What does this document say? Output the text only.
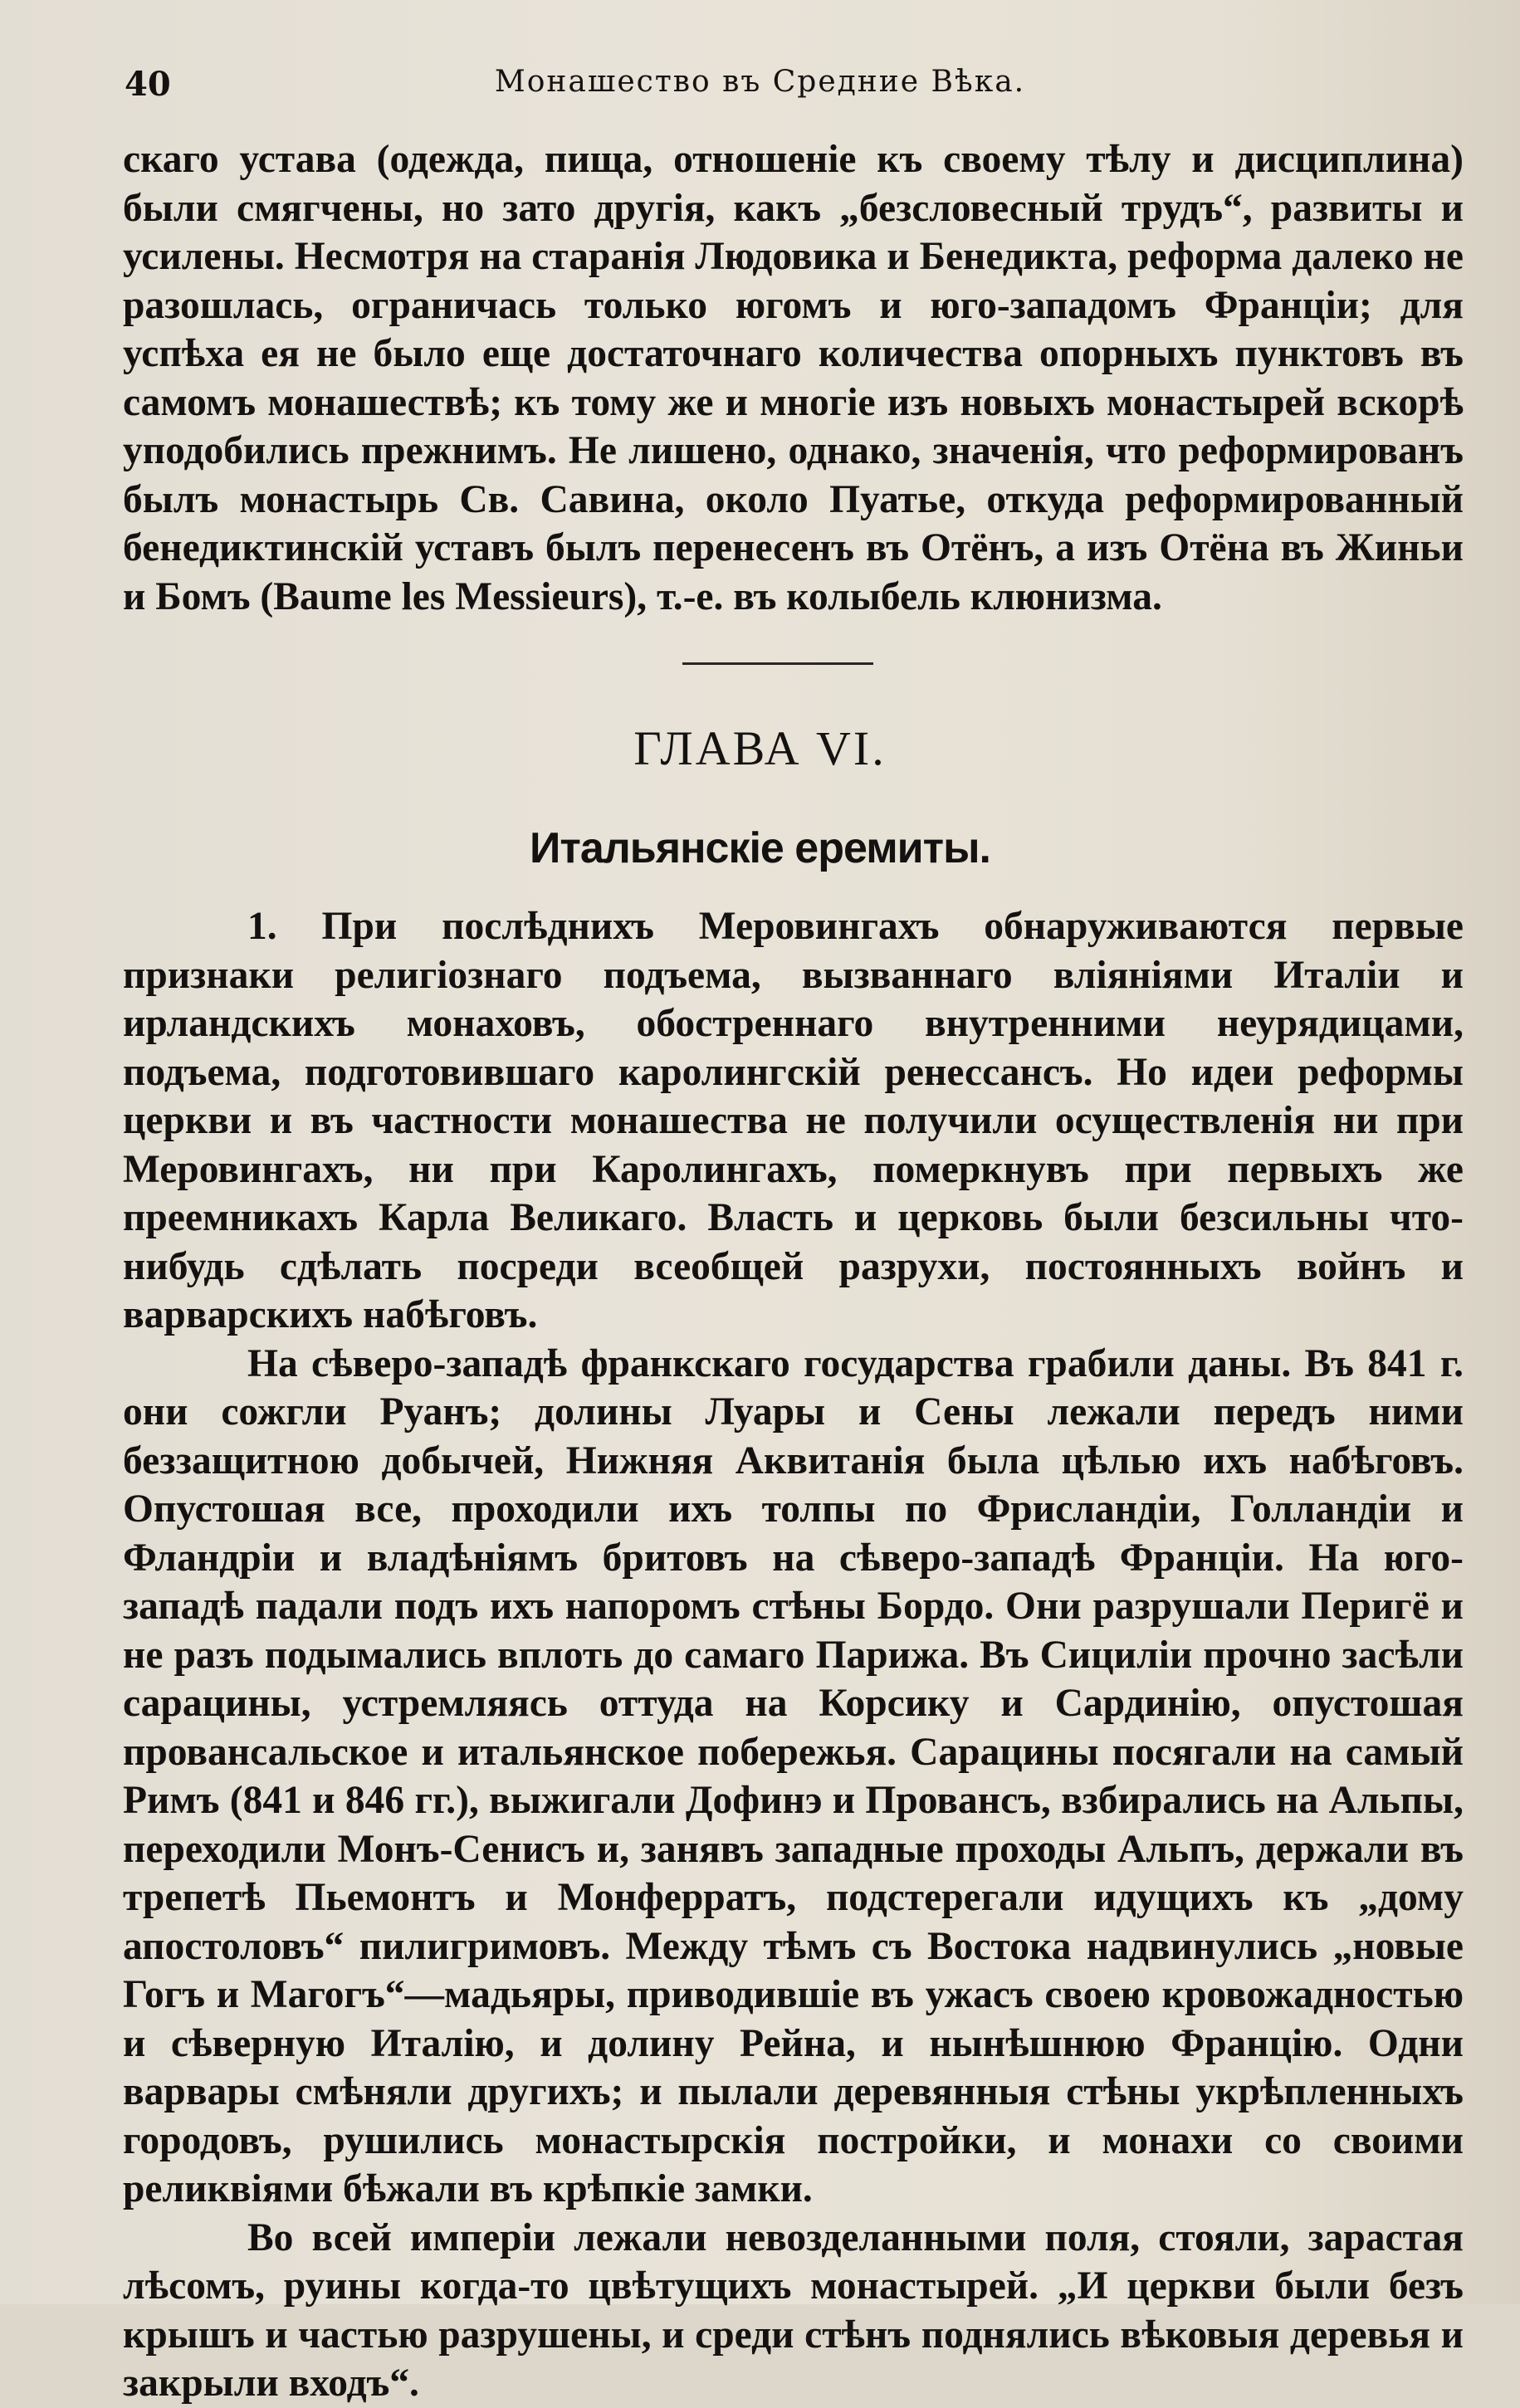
40	Монашество въ Средние Вѣка.

скаго устава (одежда, пища, отношеніе къ своему тѣлу и дисциплина) были смягчены, но зато другія, какъ „безсловесный трудъ“, развиты и усилены. Несмотря на старанія Людовика и Бенедикта, реформа далеко не разошлась, ограничась только югомъ и юго-западомъ Франціи; для успѣха ея не было еще достаточнаго количества опорныхъ пунктовъ въ самомъ монашествѣ; къ тому же и многіе изъ новыхъ монастырей вскорѣ уподобились прежнимъ. Не лишено, однако, значенія, что реформированъ былъ монастырь Св. Савина, около Пуатье, откуда реформированный бенедиктинскій уставъ былъ перенесенъ въ Отёнъ, а изъ Отёна въ Жиньи и Бомъ (Baume les Messieurs), т.-е. въ колыбель клюнизма.

ГЛАВА VI.
Итальянскіе еремиты.

1. При послѣднихъ Меровингахъ обнаруживаются первые признаки религіознаго подъема, вызваннаго вліяніями Италіи и ирландскихъ монаховъ, обостреннаго внутренними неурядицами, подъема, подготовившаго каролингскій ренессансъ. Но идеи реформы церкви и въ частности монашества не получили осуществленія ни при Меровингахъ, ни при Каролингахъ, померкнувъ при первыхъ же преемникахъ Карла Великаго. Власть и церковь были безсильны что-нибудь сдѣлать посреди всеобщей разрухи, постоянныхъ войнъ и варварскихъ набѣговъ.

На сѣверо-западѣ франкскаго государства грабили даны. Въ 841 г. они сожгли Руанъ; долины Луары и Сены лежали передъ ними беззащитною добычей, Нижняя Аквитанія была цѣлью ихъ набѣговъ. Опустошая все, проходили ихъ толпы по Фрисландіи, Голландіи и Фландріи и владѣніямъ бритовъ на сѣверо-западѣ Франціи. На юго-западѣ падали подъ ихъ напоромъ стѣны Бордо. Они разрушали Перигё и не разъ подымались вплоть до самаго Парижа. Въ Сициліи прочно засѣли сарацины, устремляясь оттуда на Корсику и Сардинію, опустошая провансальское и итальянское побережья. Сарацины посягали на самый Римъ (841 и 846 гг.), выжигали Дофинэ и Провансъ, взбирались на Альпы, переходили Монъ-Сенисъ и, занявъ западные проходы Альпъ, держали въ трепетѣ Пьемонтъ и Монферратъ, подстерегали идущихъ къ „дому апостоловъ“ пилигримовъ. Между тѣмъ съ Востока надвинулись „новые Гогъ и Магогъ“—мадьяры, приводившіе въ ужасъ своею кровожадностью и сѣверную Италію, и долину Рейна, и нынѣшнюю Францію. Одни варвары смѣняли другихъ; и пылали деревянныя стѣны укрѣпленныхъ городовъ, рушились монастырскія постройки, и монахи со своими реликвіями бѣжали въ крѣпкіе замки.

Во всей имперіи лежали невозделанными поля, стояли, зарастая лѣсомъ, руины когда-то цвѣтущихъ монастырей. „И церкви были безъ крышъ и частью разрушены, и среди стѣнъ поднялись вѣковыя деревья и закрыли входъ“.
